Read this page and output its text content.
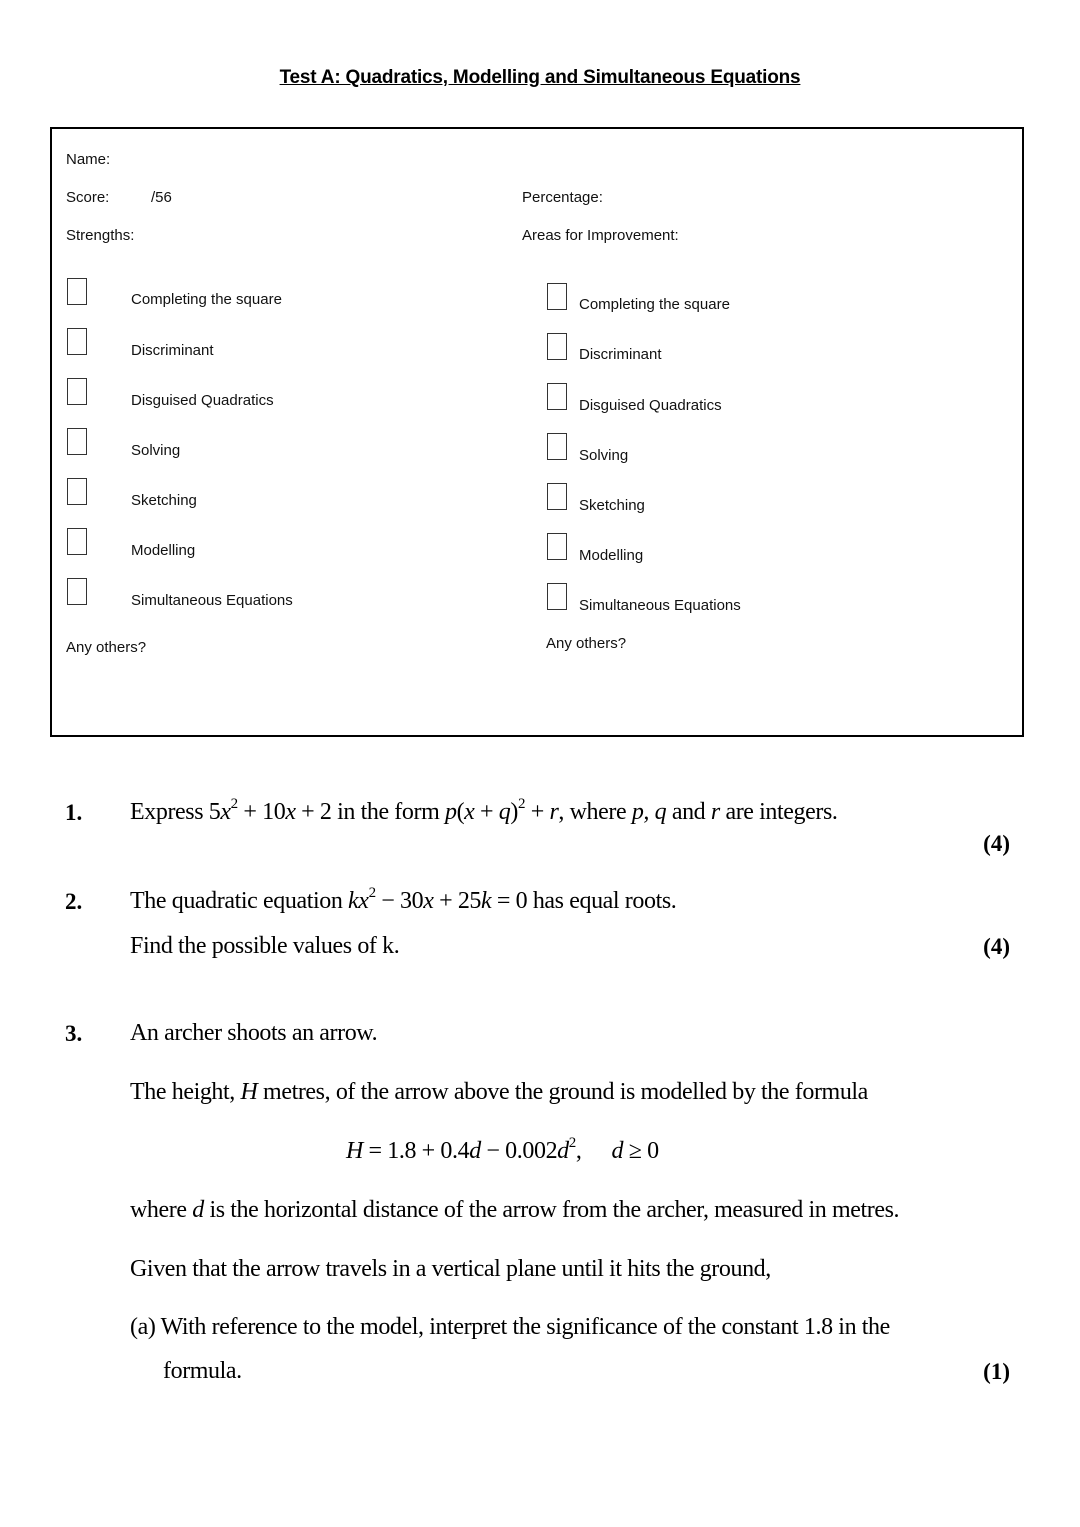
Test A: Quadratics, Modelling and Simultaneous Equations
Name:
Score:	/56	Percentage:
Strengths:	Areas for Improvement:
Completing the square
Discriminant
Disguised Quadratics
Solving
Sketching
Modelling
Simultaneous Equations
Any others?
Completing the square
Discriminant
Disguised Quadratics
Solving
Sketching
Modelling
Simultaneous Equations
Any others?
1. Express $5x^2 + 10x + 2$ in the form $p(x + q)^2 + r$, where p, q and r are integers.
(4)
2. The quadratic equation $kx^2 - 30x + 25k = 0$ has equal roots.
Find the possible values of k.	(4)
3. An archer shoots an arrow.
The height, H metres, of the arrow above the ground is modelled by the formula
$H = 1.8 + 0.4d - 0.002d^2$, d ≥ 0
where d is the horizontal distance of the arrow from the archer, measured in metres.
Given that the arrow travels in a vertical plane until it hits the ground,
(a) With reference to the model, interpret the significance of the constant 1.8 in the
formula.	(1)
